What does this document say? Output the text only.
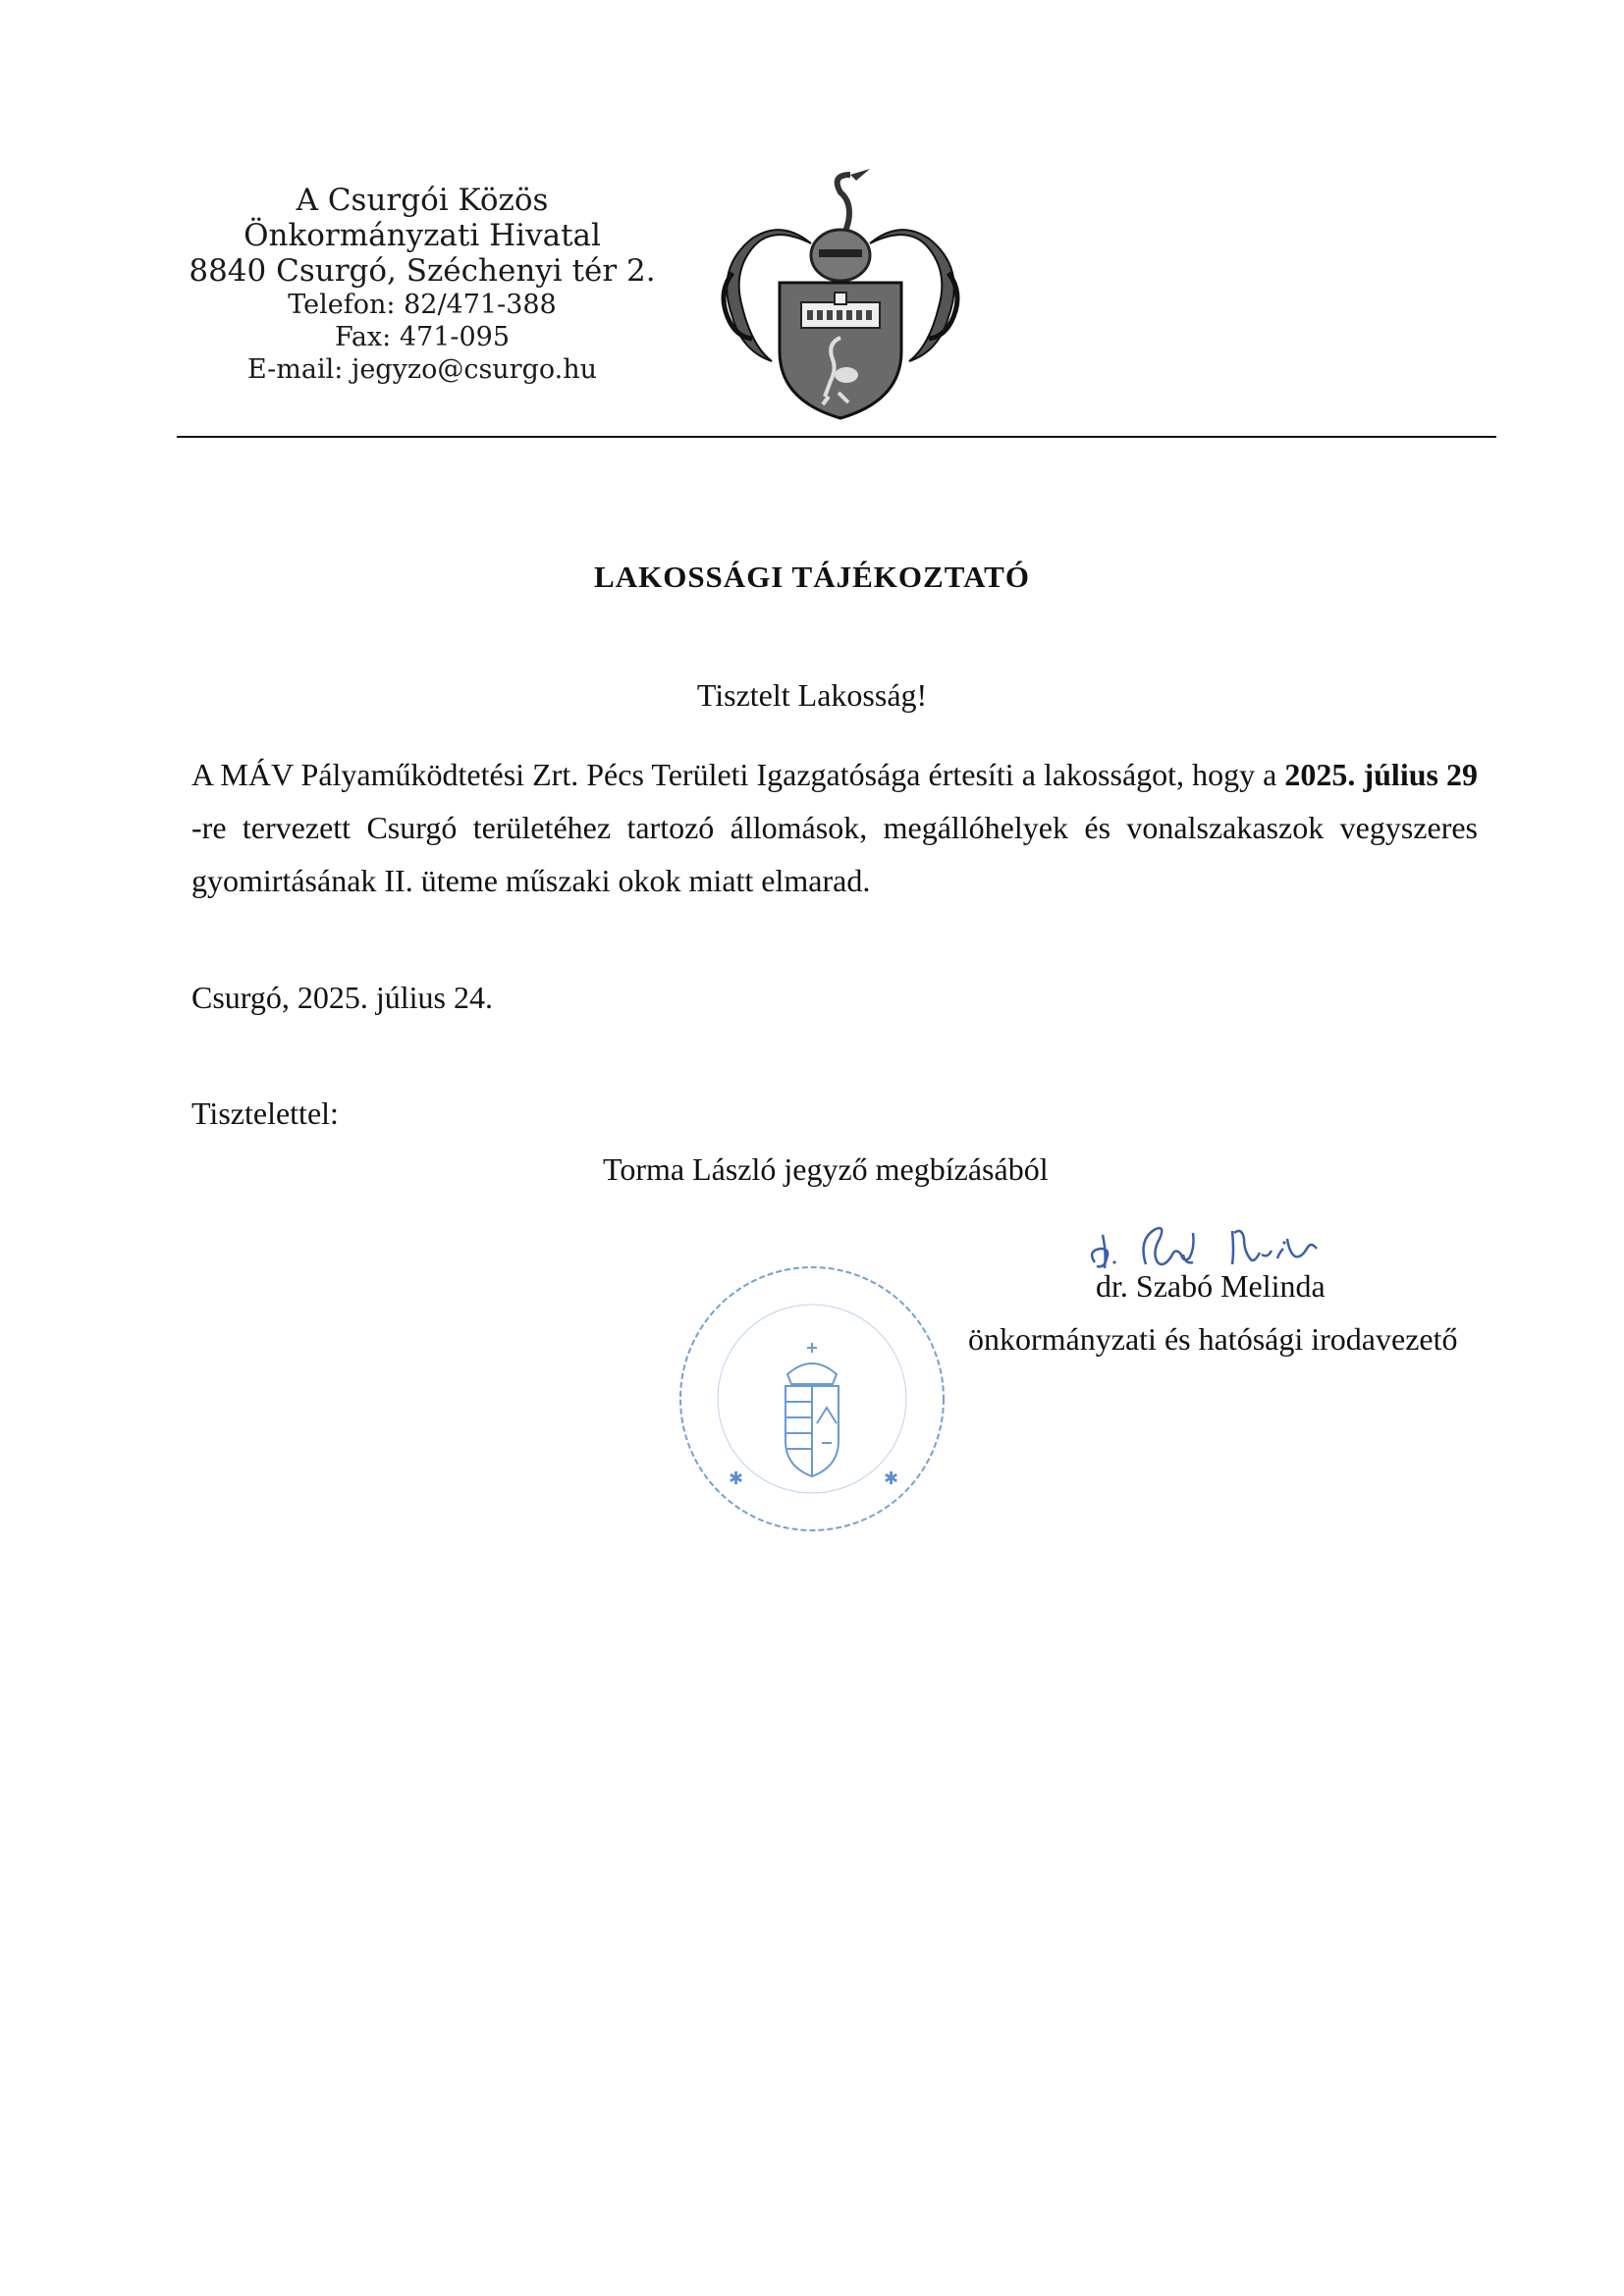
A Csurgói Közös
Önkormányzati Hivatal
8840 Csurgó, Széchenyi tér 2.
Telefon: 82/471-388
Fax: 471-095
E-mail: jegyzo@csurgo.hu
LAKOSSÁGI TÁJÉKOZTATÓ
Tisztelt Lakosság!
A MÁV Pályaműködtetési Zrt. Pécs Területi Igazgatósága értesíti a lakosságot, hogy a 2025. július 29 -re tervezett Csurgó területéhez tartozó állomások, megállóhelyek és vonalszakaszok vegyszeres gyomirtásának II. üteme műszaki okok miatt elmarad.
Csurgó, 2025. július 24.
Tisztelettel:
Torma László jegyző megbízásából
✱	✱
dr. Szabó Melinda
önkormányzati és hatósági irodavezető
